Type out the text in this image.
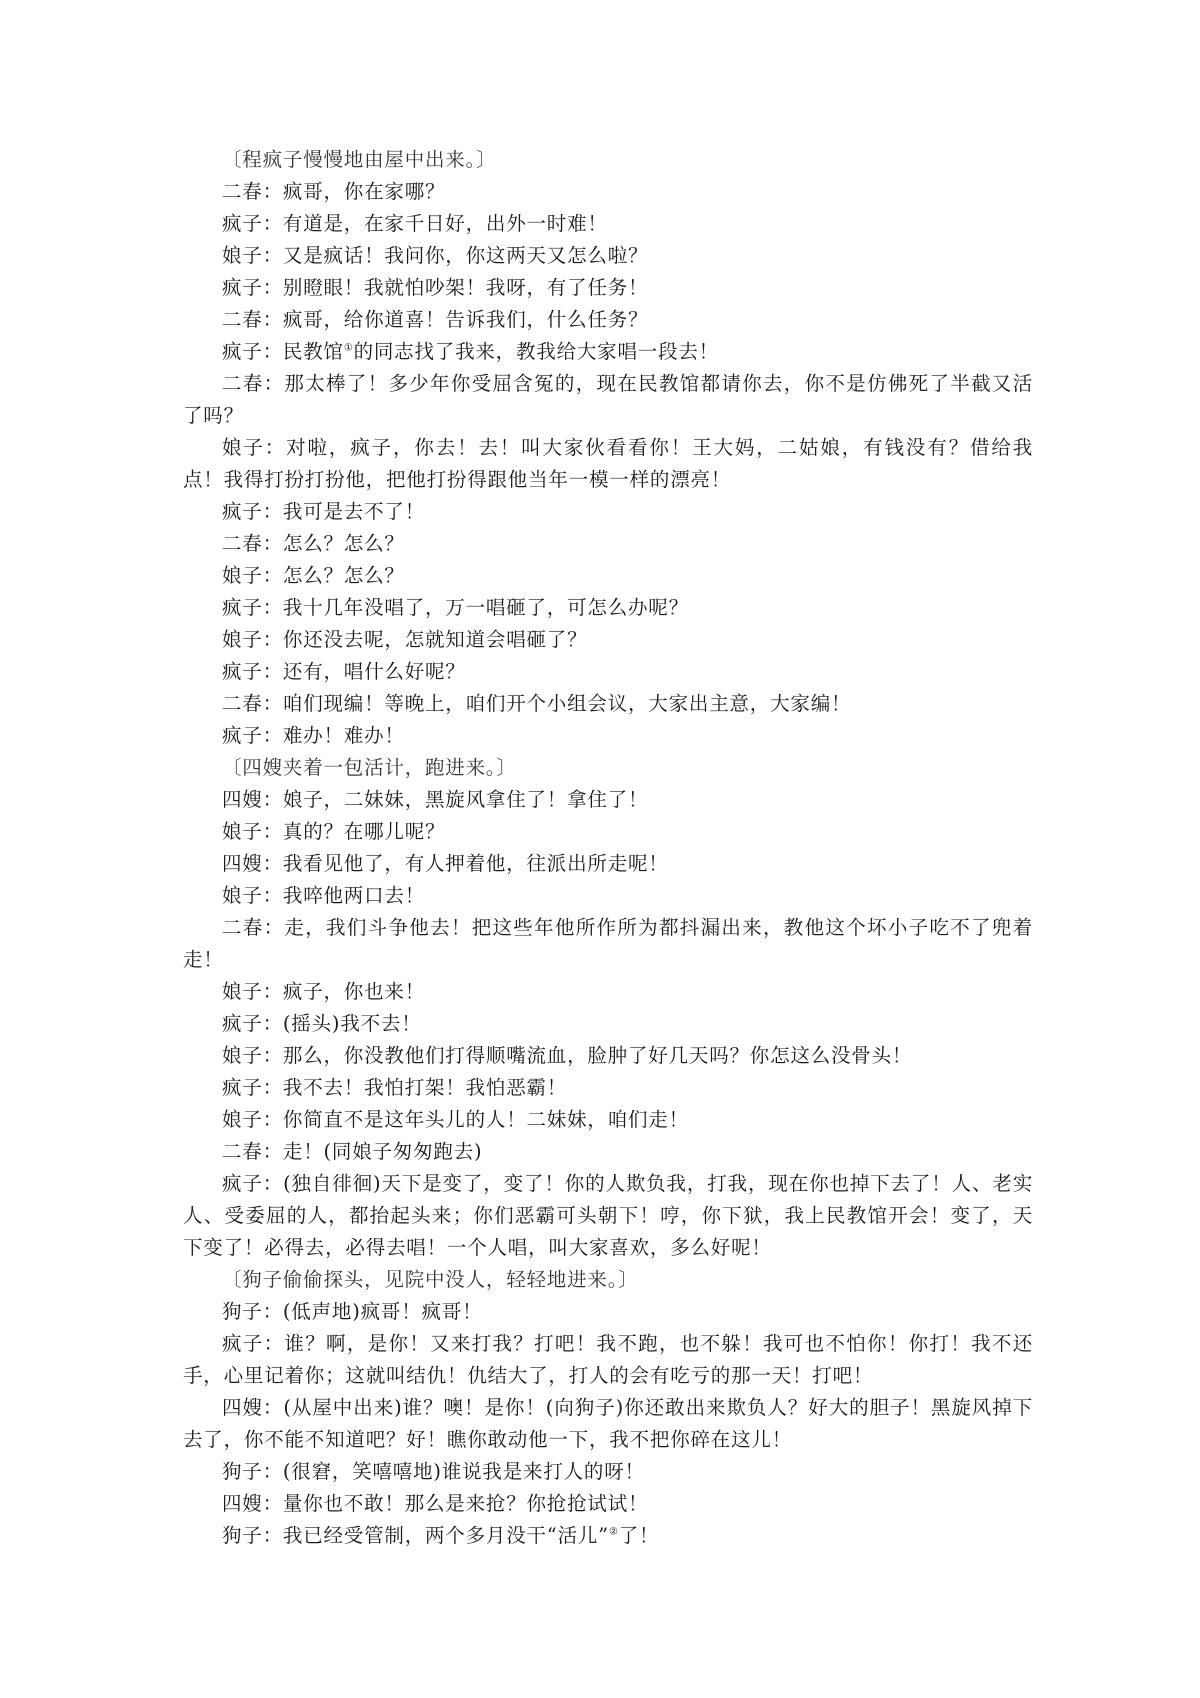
〔程疯子慢慢地由屋中出来。〕

二春：疯哥，你在家哪？

疯子：有道是，在家千日好，出外一时难！

娘子：又是疯话！我问你，你这两天又怎么啦？

疯子：别瞪眼！我就怕吵架！我呀，有了任务！

二春：疯哥，给你道喜！告诉我们，什么任务？

疯子：民教馆①的同志找了我来，教我给大家唱一段去！

二春：那太棒了！多少年你受屈含冤的，现在民教馆都请你去，你不是仿佛死了半截又活了吗？

娘子：对啦，疯子，你去！去！叫大家伙看看你！王大妈，二姑娘，有钱没有？借给我点！我得打扮打扮他，把他打扮得跟他当年一模一样的漂亮！

疯子：我可是去不了！

二春：怎么？怎么？

娘子：怎么？怎么？

疯子：我十几年没唱了，万一唱砸了，可怎么办呢？

娘子：你还没去呢，怎就知道会唱砸了？

疯子：还有，唱什么好呢？

二春：咱们现编！等晚上，咱们开个小组会议，大家出主意，大家编！

疯子：难办！难办！

〔四嫂夹着一包活计，跑进来。〕

四嫂：娘子，二妹妹，黑旋风拿住了！拿住了！

娘子：真的？在哪儿呢？

四嫂：我看见他了，有人押着他，往派出所走呢！

娘子：我啐他两口去！

二春：走，我们斗争他去！把这些年他所作所为都抖漏出来，教他这个坏小子吃不了兜着走！

娘子：疯子，你也来！

疯子：(摇头)我不去！

娘子：那么，你没教他们打得顺嘴流血，脸肿了好几天吗？你怎这么没骨头！

疯子：我不去！我怕打架！我怕恶霸！

娘子：你简直不是这年头儿的人！二妹妹，咱们走！

二春：走！(同娘子匆匆跑去)

疯子：(独自徘徊)天下是变了，变了！你的人欺负我，打我，现在你也掉下去了！人、老实人、受委屈的人，都抬起头来；你们恶霸可头朝下！哼，你下狱，我上民教馆开会！变了，天下变了！必得去，必得去唱！一个人唱，叫大家喜欢，多么好呢！

〔狗子偷偷探头，见院中没人，轻轻地进来。〕

狗子：(低声地)疯哥！疯哥！

疯子：谁？啊，是你！又来打我？打吧！我不跑，也不躲！我可也不怕你！你打！我不还手，心里记着你；这就叫结仇！仇结大了，打人的会有吃亏的那一天！打吧！

四嫂：(从屋中出来)谁？噢！是你！(向狗子)你还敢出来欺负人？好大的胆子！黑旋风掉下去了，你不能不知道吧？好！瞧你敢动他一下，我不把你碎在这儿！

狗子：(很窘，笑嘻嘻地)谁说我是来打人的呀！

四嫂：量你也不敢！那么是来抢？你抢抢试试！

狗子：我已经受管制，两个多月没干“活儿”②了！
